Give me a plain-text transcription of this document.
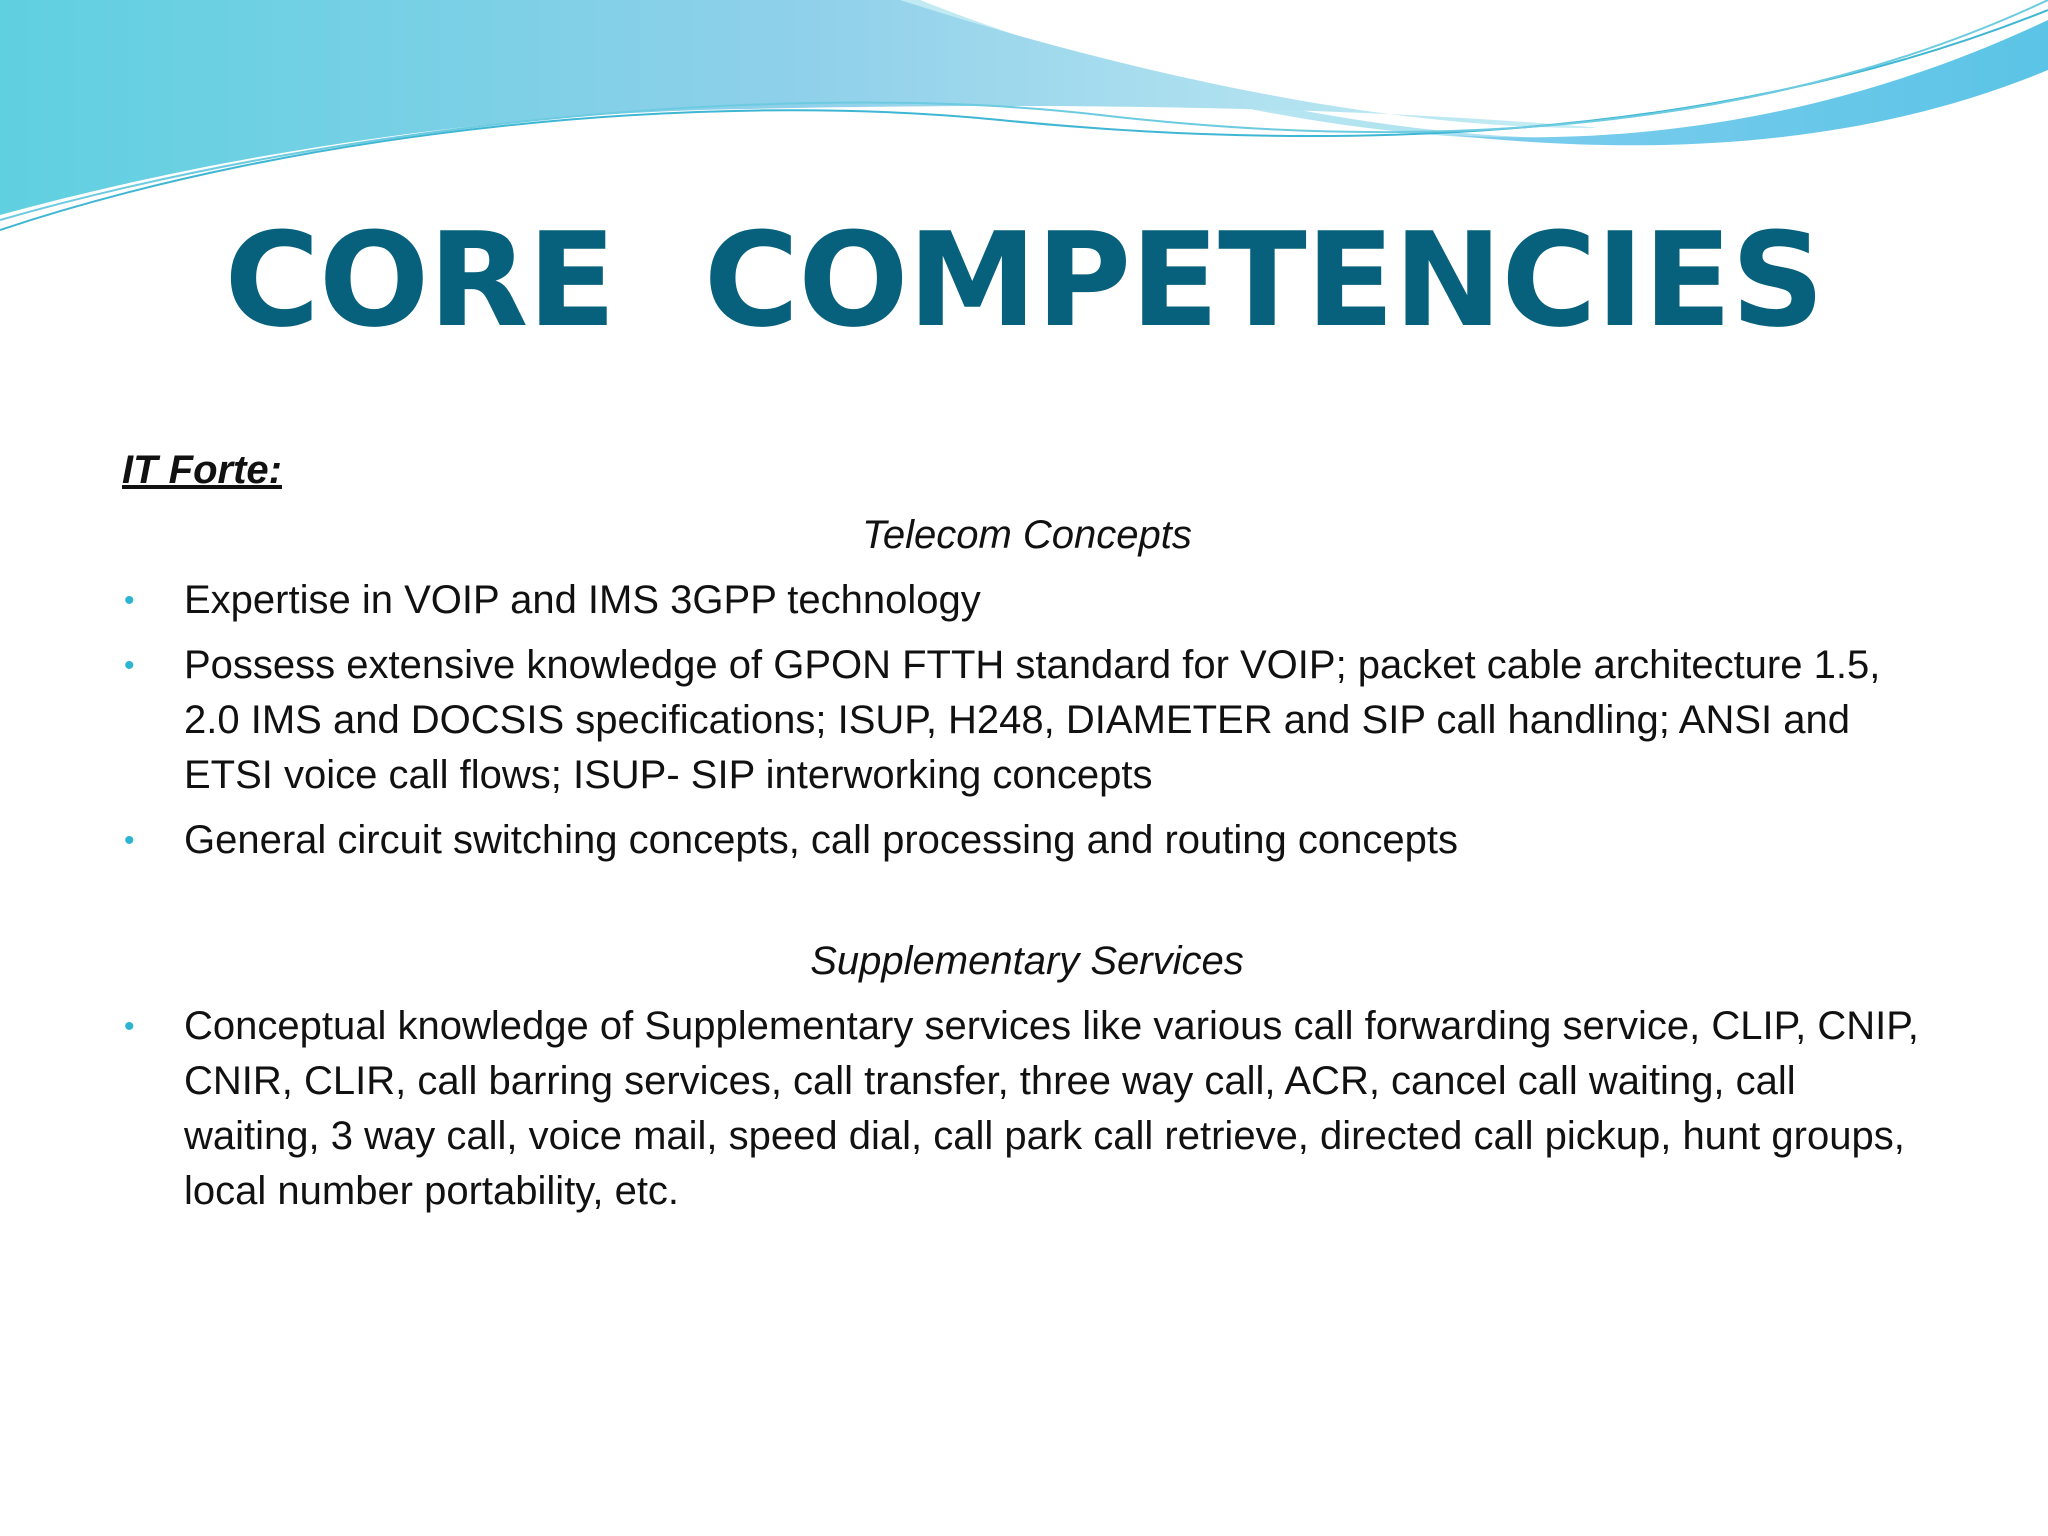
CORE  COMPETENCIES
IT Forte:
Telecom Concepts
• Expertise in VOIP and IMS 3GPP technology
• Possess extensive knowledge of GPON FTTH standard for VOIP; packet cable architecture 1.5, 2.0 IMS and DOCSIS specifications; ISUP, H248, DIAMETER and SIP call handling; ANSI and ETSI voice call flows; ISUP- SIP interworking concepts
• General circuit switching concepts, call processing and routing concepts
Supplementary Services
• Conceptual knowledge of Supplementary services like various call forwarding service, CLIP, CNIP, CNIR, CLIR, call barring services, call transfer, three way call, ACR, cancel call waiting, call waiting, 3 way call, voice mail, speed dial, call park call retrieve, directed call pickup, hunt groups, local number portability, etc.
